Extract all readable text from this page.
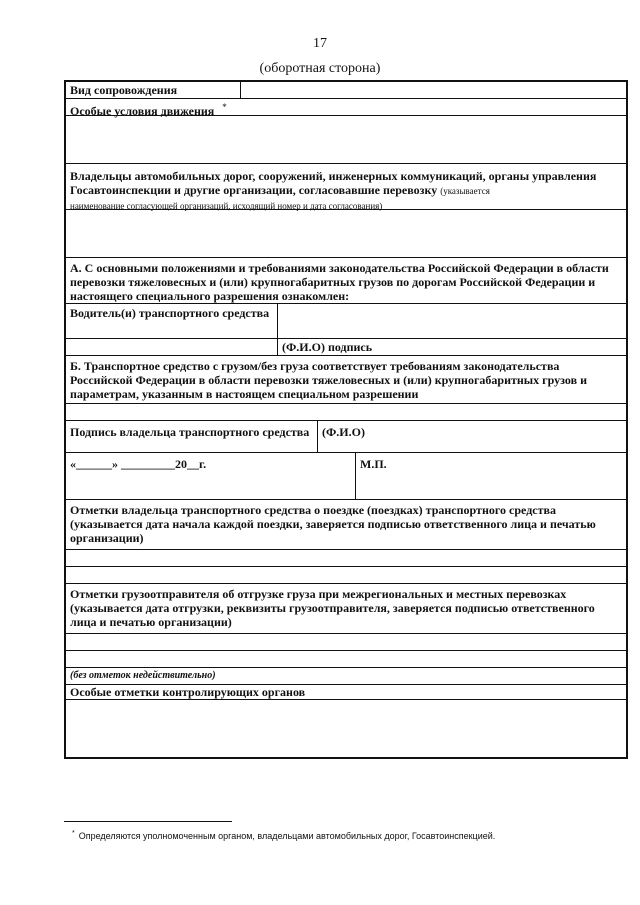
17
(оборотная сторона)
Вид сопровождения
Особые условия движения *
Владельцы автомобильных дорог, сооружений, инженерных коммуникаций, органы управления Госавтоинспекции и другие организации, согласовавшие перевозку (указывается
наименование согласующей организаций, исходящий номер и дата согласования)
А. С основными положениями и требованиями законодательства Российской Федерации в области перевозки тяжеловесных и (или) крупногабаритных грузов по дорогам Российской Федерации и настоящего специального разрешения ознакомлен:
Водитель(и) транспортного средства
(Ф.И.О) подпись
Б. Транспортное средство с грузом/без груза соответствует требованиям законодательства Российской Федерации в области перевозки тяжеловесных и (или) крупногабаритных грузов и параметрам, указанным в настоящем специальном разрешении
Подпись владельца транспортного средства	(Ф.И.О)
«______» _________20__г.	М.П.
Отметки владельца транспортного средства о поездке (поездках) транспортного средства (указывается дата начала каждой поездки, заверяется подписью ответственного лица и печатью организации)
Отметки грузоотправителя об отгрузке груза при межрегиональных и местных перевозках (указывается дата отгрузки, реквизиты грузоотправителя, заверяется подписью ответственного лица и печатью организации)
(без отметок недействительно)
Особые отметки контролирующих органов
* Определяются уполномоченным органом, владельцами автомобильных дорог, Госавтоинспекцией.
